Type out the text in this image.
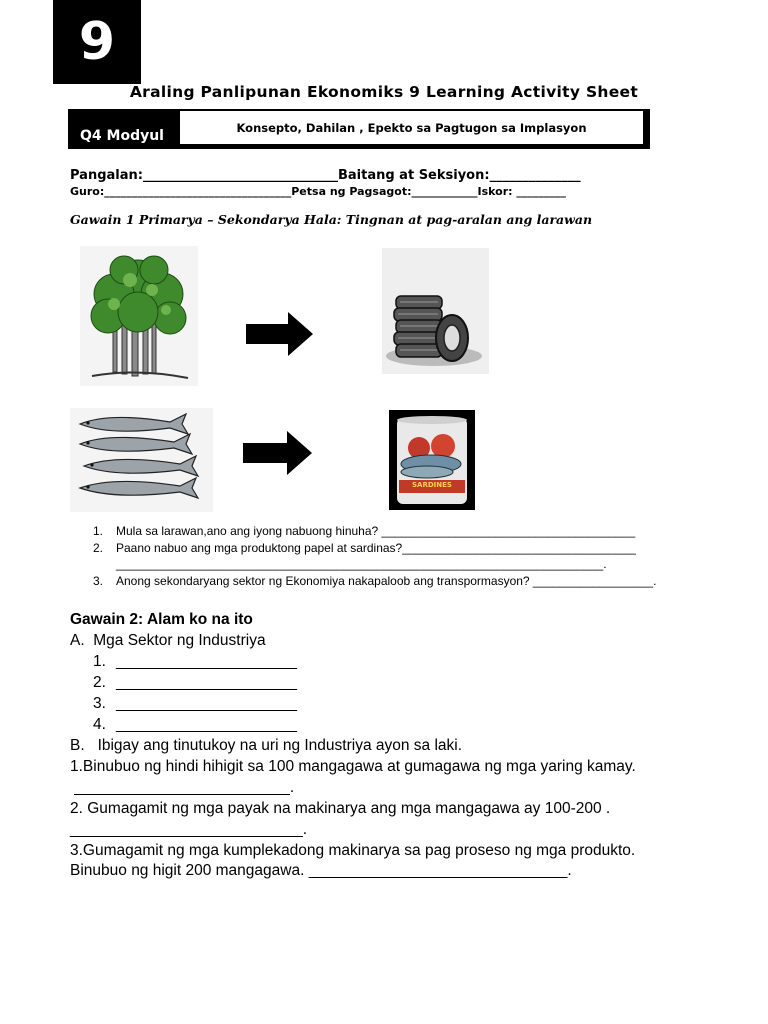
9
Araling Panlipunan Ekonomiks 9 Learning Activity Sheet
Q4 Modyul	Konsepto, Dahilan , Epekto sa Pagtugon sa Implasyon
Pangalan:______________________________Baitang at Seksiyon:______________
Guro:__________________________________Petsa ng Pagsagot:____________Iskor: _________
Gawain 1 Primarya – Sekondarya Hala: Tingnan at pag-aralan ang larawan
SARDINES
1. Mula sa larawan,ano ang iyong nabuong hinuha? ______________________________________
2. Paano nabuo ang mga produktong papel at sardinas?___________________________________
_________________________________________________________________________.
3. Anong sekondaryang sektor ng Ekonomiya nakapaloob ang transpormasyon? __________________.
Gawain 2: Alam ko na ito
A.  Mga Sektor ng Industriya
1. _____________________
2. _____________________
3. _____________________
4. _____________________
B.   Ibigay ang tinutukoy na uri ng Industriya ayon sa laki.
1.Binubuo ng hindi hihigit sa 100 mangagawa at gumagawa ng mga yaring kamay.
_________________________.
2. Gumagamit ng mga payak na makinarya ang mga mangagawa ay 100-200 .
___________________________.
3.Gumagamit ng mga kumplekadong makinarya sa pag proseso ng mga produkto.
Binubuo ng higit 200 mangagawa. ______________________________.
